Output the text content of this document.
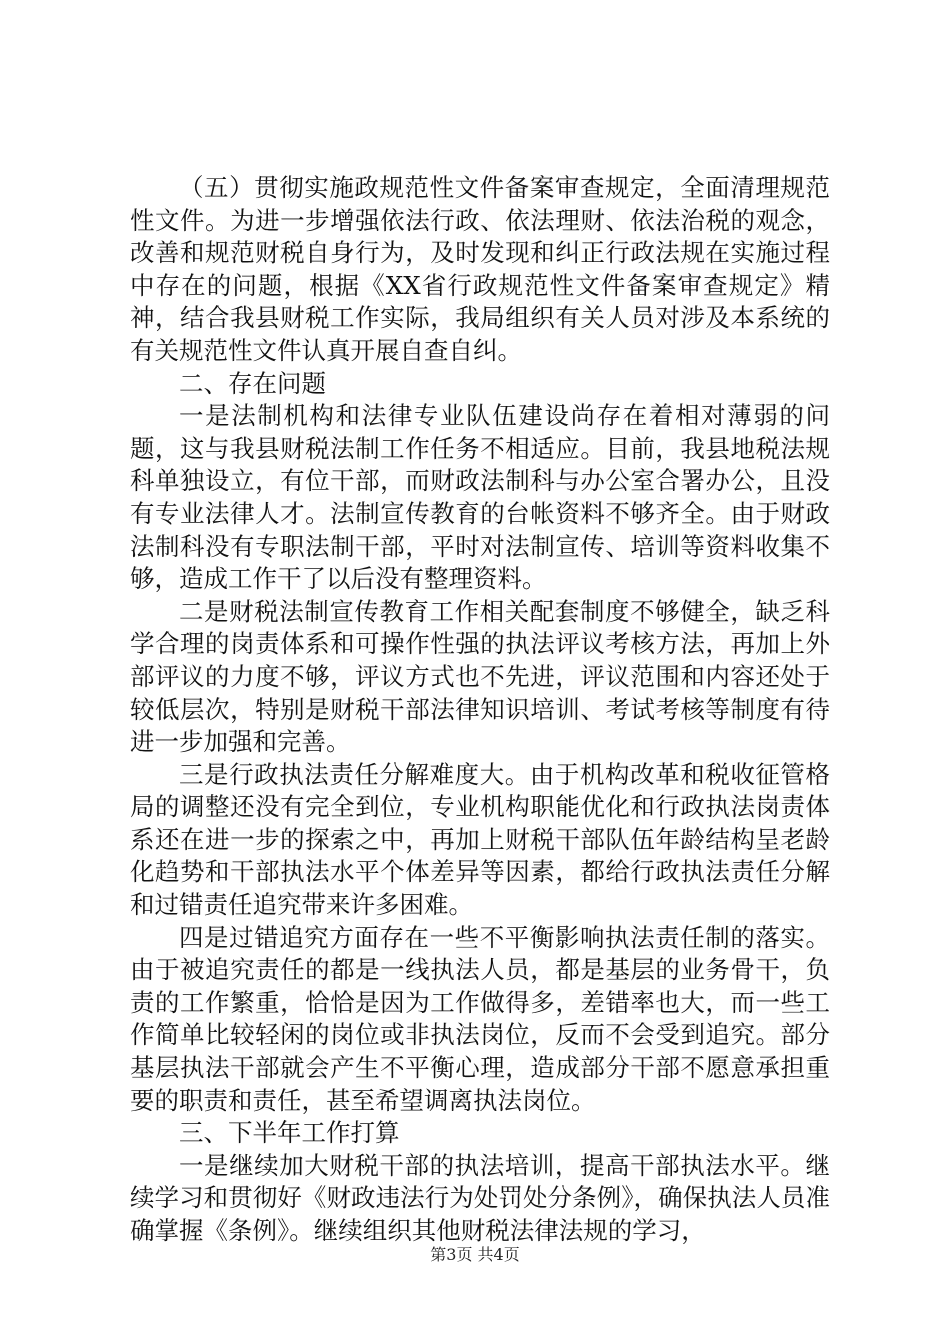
（五）贯彻实施政规范性文件备案审查规定，全面清理规范性文件。为进一步增强依法行政、依法理财、依法治税的观念，改善和规范财税自身行为，及时发现和纠正行政法规在实施过程中存在的问题，根据《XX省行政规范性文件备案审查规定》精神，结合我县财税工作实际，我局组织有关人员对涉及本系统的有关规范性文件认真开展自查自纠。

二、存在问题

一是法制机构和法律专业队伍建设尚存在着相对薄弱的问题，这与我县财税法制工作任务不相适应。目前，我县地税法规科单独设立，有位干部，而财政法制科与办公室合署办公，且没有专业法律人才。法制宣传教育的台帐资料不够齐全。由于财政法制科没有专职法制干部，平时对法制宣传、培训等资料收集不够，造成工作干了以后没有整理资料。

二是财税法制宣传教育工作相关配套制度不够健全，缺乏科学合理的岗责体系和可操作性强的执法评议考核方法，再加上外部评议的力度不够，评议方式也不先进，评议范围和内容还处于较低层次，特别是财税干部法律知识培训、考试考核等制度有待进一步加强和完善。

三是行政执法责任分解难度大。由于机构改革和税收征管格局的调整还没有完全到位，专业机构职能优化和行政执法岗责体系还在进一步的探索之中，再加上财税干部队伍年龄结构呈老龄化趋势和干部执法水平个体差异等因素，都给行政执法责任分解和过错责任追究带来许多困难。

四是过错追究方面存在一些不平衡影响执法责任制的落实。由于被追究责任的都是一线执法人员，都是基层的业务骨干，负责的工作繁重，恰恰是因为工作做得多，差错率也大，而一些工作简单比较轻闲的岗位或非执法岗位，反而不会受到追究。部分基层执法干部就会产生不平衡心理，造成部分干部不愿意承担重要的职责和责任，甚至希望调离执法岗位。

三、下半年工作打算

一是继续加大财税干部的执法培训，提高干部执法水平。继续学习和贯彻好《财政违法行为处罚处分条例》，确保执法人员准确掌握《条例》。继续组织其他财税法律法规的学习，

第3页 共4页
